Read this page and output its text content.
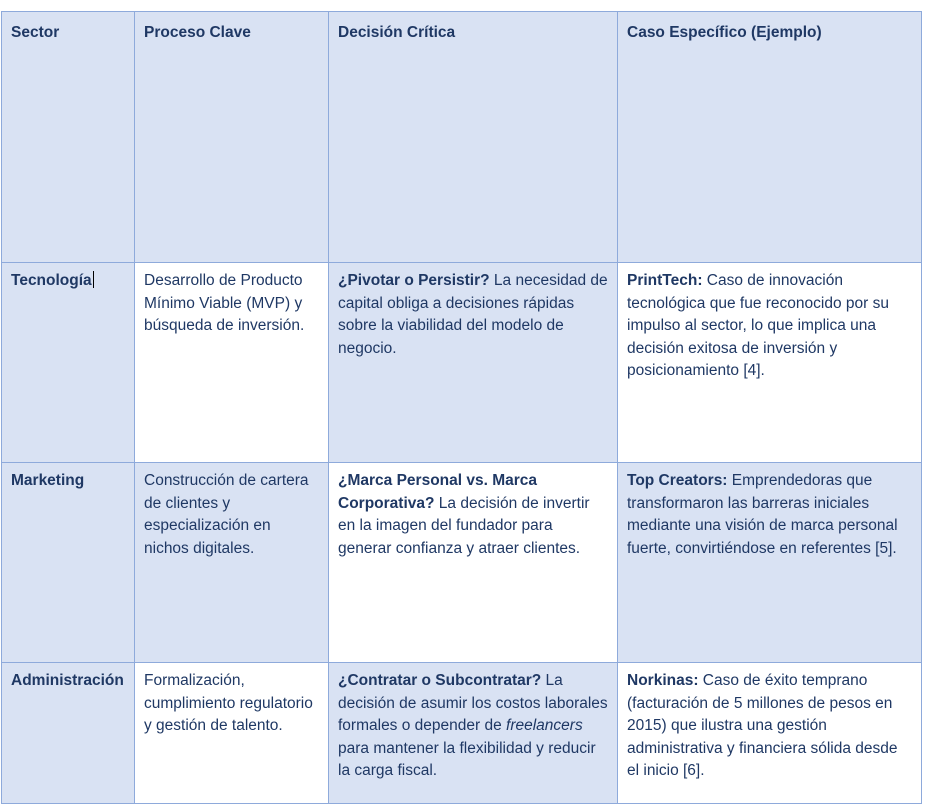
Sector	Proceso Clave	Decisión Crítica	Caso Específico (Ejemplo)

Tecnología	Desarrollo de Producto Mínimo Viable (MVP) y búsqueda de inversión.	¿Pivotar o Persistir? La necesidad de capital obliga a decisiones rápidas sobre la viabilidad del modelo de negocio.	PrintTech: Caso de innovación tecnológica que fue reconocido por su impulso al sector, lo que implica una decisión exitosa de inversión y posicionamiento [4].
Marketing	Construcción de cartera de clientes y especialización en nichos digitales.	¿Marca Personal vs. Marca Corporativa? La decisión de invertir en la imagen del fundador para generar confianza y atraer clientes.	Top Creators: Emprendedoras que transformaron las barreras iniciales mediante una visión de marca personal fuerte, convirtiéndose en referentes [5].
Administración	Formalización, cumplimiento regulatorio y gestión de talento.	¿Contratar o Subcontratar? La decisión de asumir los costos laborales formales o depender de freelancers para mantener la flexibilidad y reducir la carga fiscal.	Norkinas: Caso de éxito temprano (facturación de 5 millones de pesos en 2015) que ilustra una gestión administrativa y financiera sólida desde el inicio [6].
